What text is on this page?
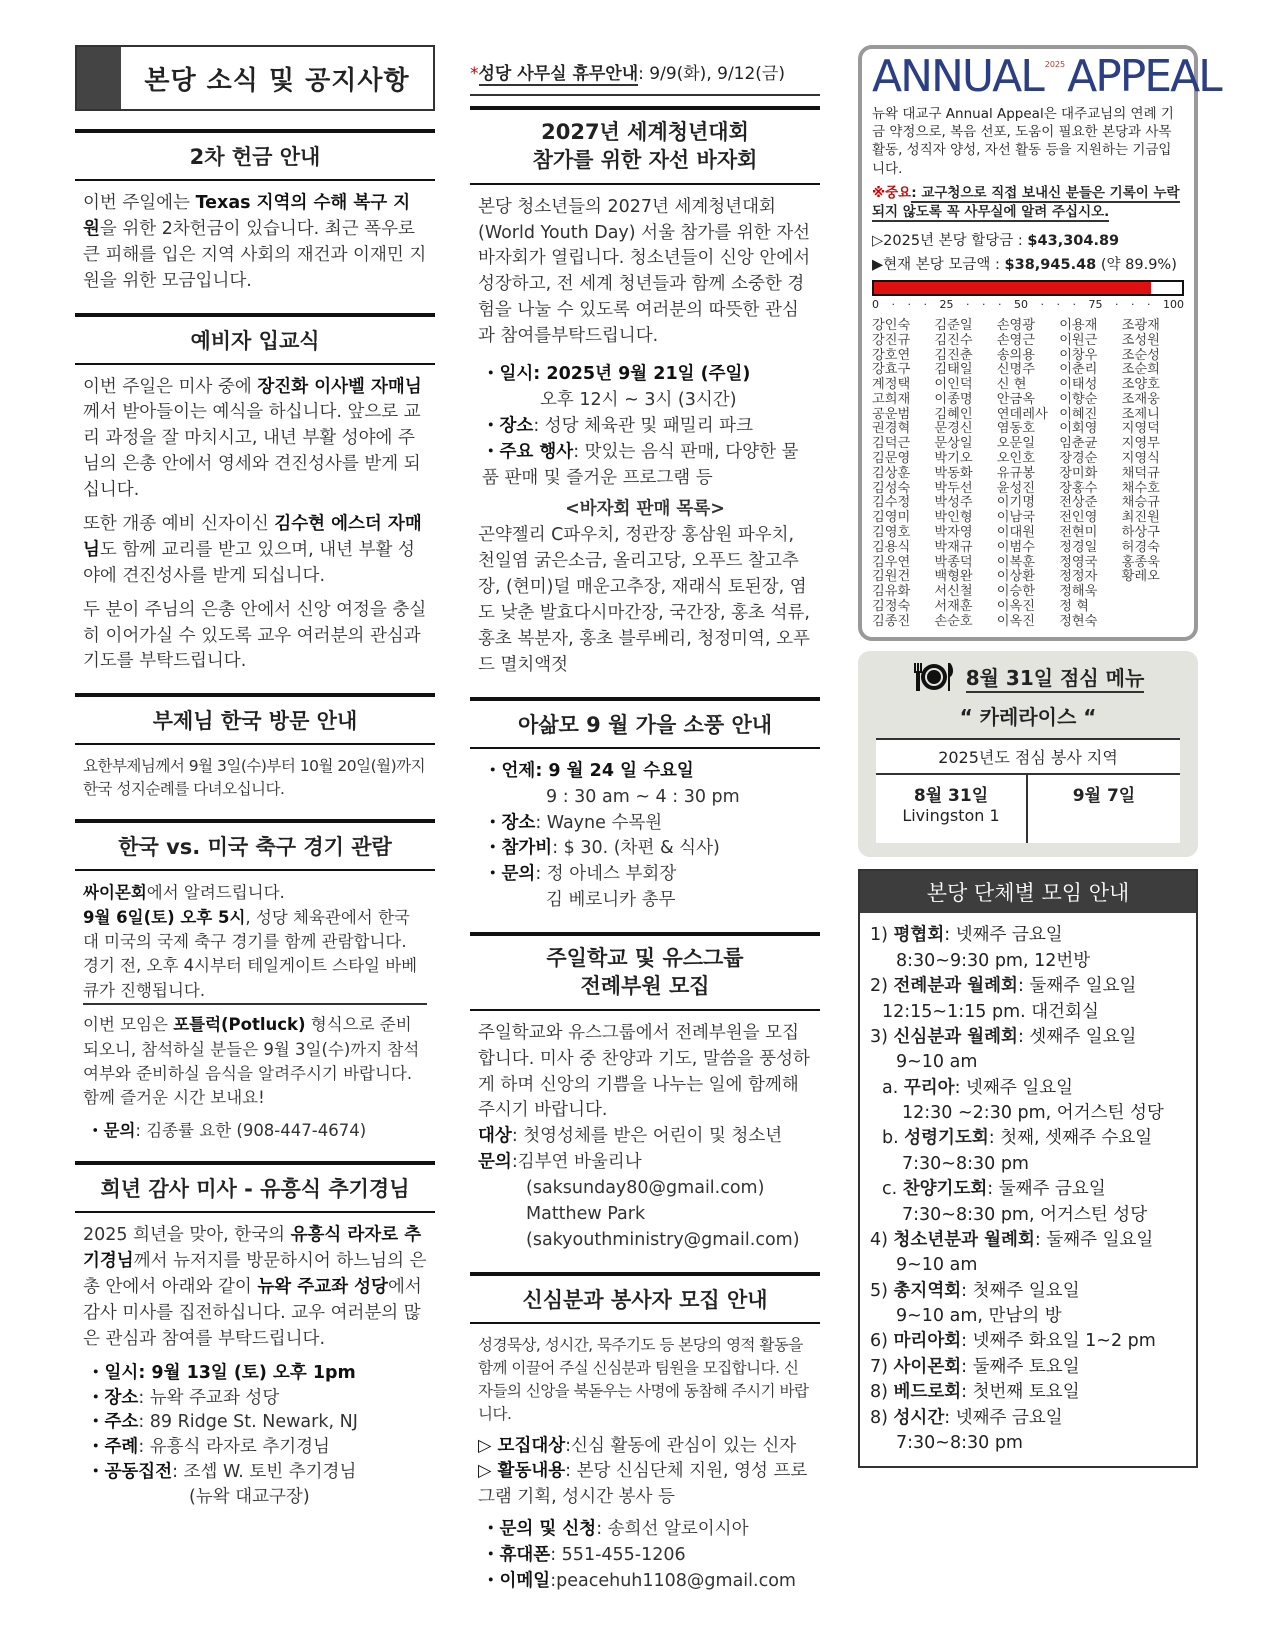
본당 소식 및 공지사항
2차 헌금 안내

이번 주일에는 Texas 지역의 수해 복구 지원을 위한 2차헌금이 있습니다. 최근 폭우로 큰 피해를 입은 지역 사회의 재건과 이재민 지원을 위한 모금입니다.

예비자 입교식

이번 주일은 미사 중에 장진화 이사벨 자매님께서 받아들이는 예식을 하십니다. 앞으로 교리 과정을 잘 마치시고, 내년 부활 성야에 주님의 은총 안에서 영세와 견진성사를 받게 되십니다.

또한 개종 예비 신자이신 김수현 에스더 자매님도 함께 교리를 받고 있으며, 내년 부활 성야에 견진성사를 받게 되십니다.

두 분이 주님의 은총 안에서 신앙 여정을 충실히 이어가실 수 있도록 교우 여러분의 관심과 기도를 부탁드립니다.

부제님 한국 방문 안내

요한부제님께서 9월 3일(수)부터 10월 20일(월)까지 한국 성지순례를 다녀오십니다.

한국 vs. 미국 축구 경기 관람
싸이몬회에서 알려드립니다.

9월 6일(토) 오후 5시, 성당 체육관에서 한국 대 미국의 국제 축구 경기를 함께 관람합니다. 경기 전, 오후 4시부터 테일게이트 스타일 바베큐가 진행됩니다.

이번 모임은 포틀럭(Potluck) 형식으로 준비되오니, 참석하실 분들은 9월 3일(수)까지 참석 여부와 준비하실 음식을 알려주시기 바랍니다. 함께 즐거운 시간 보내요!

・문의: 김종률 요한 (908-447-4674)

희년 감사 미사 - 유흥식 추기경님

2025 희년을 맞아, 한국의 유흥식 라자로 추기경님께서 뉴저지를 방문하시어 하느님의 은총 안에서 아래와 같이 뉴왁 주교좌 성당에서 감사 미사를 집전하십니다. 교우 여러분의 많은 관심과 참여를 부탁드립니다.

・일시: 9월 13일 (토) 오후 1pm
・장소: 뉴왁 주교좌 성당
・주소: 89 Ridge St. Newark, NJ
・주례: 유흥식 라자로 추기경님
・공동집전: 조셉 W. 토빈 추기경님
(뉴왁 대교구장)
*성당 사무실 휴무안내: 9/9(화), 9/12(금)
2027년 세계청년대회
참가를 위한 자선 바자회

본당 청소년들의 2027년 세계청년대회(World Youth Day) 서울 참가를 위한 자선 바자회가 열립니다. 청소년들이 신앙 안에서 성장하고, 전 세계 청년들과 함께 소중한 경험을 나눌 수 있도록 여러분의 따뜻한 관심과 참여를부탁드립니다.

・일시: 2025년 9월 21일 (주일)
오후 12시 ~ 3시 (3시간)
・장소: 성당 체육관 및 패밀리 파크
・주요 행사: 맛있는 음식 판매, 다양한 물품 판매 및 즐거운 프로그램 등
<바자회 판매 목록>

곤약젤리 C파우치, 정관장 홍삼원 파우치, 천일염 굵은소금, 올리고당, 오푸드 찰고추장, (현미)덜 매운고추장, 재래식 토된장, 염도 낮춘 발효다시마간장, 국간장, 홍초 석류, 홍초 복분자, 홍초 블루베리, 청정미역, 오푸드 멸치액젓

아삶모 9 월 가을 소풍 안내
・언제: 9 월 24 일 수요일
9 : 30 am ~ 4 : 30 pm
・장소: Wayne 수목원
・참가비: $ 30. (차편 & 식사)
・문의: 정 아네스 부회장
김 베로니카 총무
주일학교 및 유스그룹
전례부원 모집
주일학교와 유스그룹에서 전례부원을 모집합니다. 미사 중 찬양과 기도, 말씀을 풍성하게 하며 신앙의 기쁨을 나누는 일에 함께해 주시기 바랍니다.
대상: 첫영성체를 받은 어린이 및 청소년
문의:김부연 바울리나
(saksunday80@gmail.com)
Matthew Park
(sakyouthministry@gmail.com)
신심분과 봉사자 모집 안내

성경묵상, 성시간, 묵주기도 등 본당의 영적 활동을 함께 이끌어 주실 신심분과 팀원을 모집합니다. 신자들의 신앙을 북돋우는 사명에 동참해 주시기 바랍니다.

▷ 모집대상:신심 활동에 관심이 있는 신자
▷ 활동내용: 본당 신심단체 지원, 영성 프로그램 기획, 성시간 봉사 등
・문의 및 신청: 송희선 알로이시아
・휴대폰: 551-455-1206
・이메일:peacehuh1108@gmail.com
ANNUAL $^{2025}$APPEAL
뉴왁 대교구 Annual Appeal은 대주교님의 연례 기금 약정으로, 복음 선포, 도움이 필요한 본당과 사목 활동, 성직자 양성, 자선 활동 등을 지원하는 기금입니다.
※중요: 교구청으로 직접 보내신 분들은 기록이 누락되지 않도록 꼭 사무실에 알려 주십시오.
▷2025년 본당 할당금 : $43,304.89
▶현재 본당 모금액 : $38,945.48 (약 89.9%)
0 · · · 25 · · · 50 · · · 75 · · · 100
강인숙
강진규
강호연
강효구
계정택
고희재
공운범
권경혁
김덕근
김문영
김상훈
김성숙
김수정
김영미
김영호
김용식
김우연
김원건
김유화
김정숙
김종진
김준일
김진수
김진춘
김태일
이인덕
이종명
김혜인
문경신
문상일
박기오
박동화
박두선
박성주
박인형
박자영
박재규
박종덕
백형완
서신철
서재훈
손순호
손영광
손영근
송의용
신명주
신 현
안금옥
연데레사
염동호
오문일
오인호
유규봉
윤성진
이기명
이남국
이대원
이범수
이복훈
이상환
이승한
이옥진
이옥진
이용재
이원근
이창우
이춘리
이태성
이향순
이혜진
이회영
임춘균
장경순
장미화
장홍수
전상준
전인영
전현미
정경일
정영국
정정자
정해욱
정 혁
정현숙
조광재
조성원
조순성
조순희
조양호
조재웅
조제니
지영덕
지영무
지영식
채덕규
채수호
채승규
최진원
하상구
허경숙
홍종욱
황레오
8월 31일 점심 메뉴
“ 카레라이스 “
2025년도 점심 봉사 지역
8월 31일
Livingston 1
9월 7일
본당 단체별 모임 안내
1) 평협회: 넷째주 금요일
8:30~9:30 pm, 12번방
2) 전례분과 월례회: 둘째주 일요일
12:15~1:15 pm. 대건회실
3) 신심분과 월례회: 셋째주 일요일
9~10 am
a. 꾸리아: 넷째주 일요일
12:30 ~2:30 pm, 어거스틴 성당
b. 성령기도회: 첫째, 셋째주 수요일
7:30~8:30 pm
c. 찬양기도회: 둘째주 금요일
7:30~8:30 pm, 어거스틴 성당
4) 청소년분과 월례회: 둘째주 일요일
9~10 am
5) 총지역회: 첫째주 일요일
9~10 am, 만남의 방
6) 마리아회: 넷째주 화요일 1~2 pm
7) 사이몬회: 둘째주 토요일
8) 베드로회: 첫번째 토요일
8) 성시간: 넷째주 금요일
7:30~8:30 pm
